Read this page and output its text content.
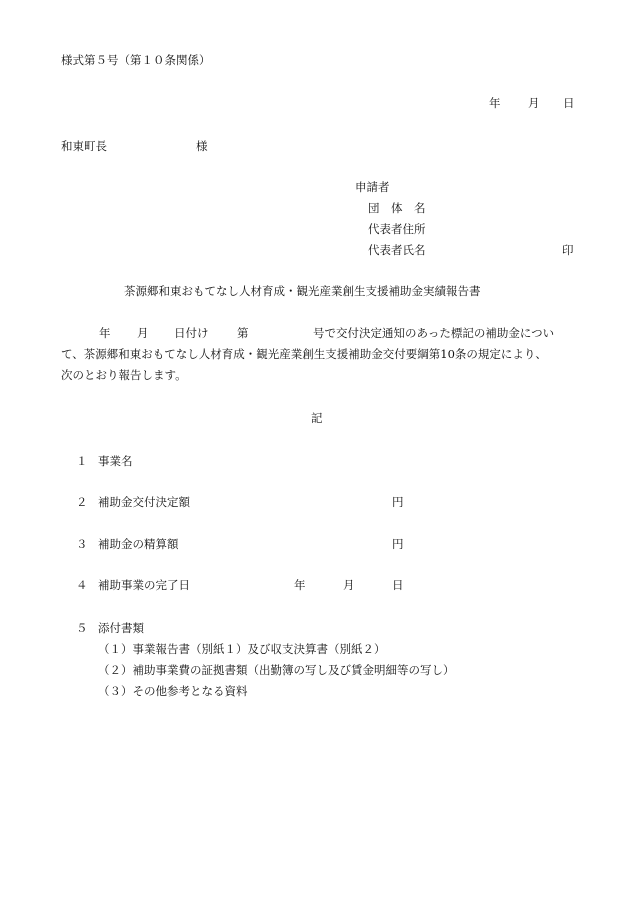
様式第５号（第１０条関係）
年 月 日
和東町長	様
申請者
団　体　名
代表者住所
代表者氏名	印
茶源郷和東おもてなし人材育成・観光産業創生支援補助金実績報告書
年 月 日付け 第	号で交付決定通知のあった標記の補助金につい
て、茶源郷和東おもてなし人材育成・観光産業創生支援補助金交付要綱第10条の規定により、
次のとおり報告します。
記
１ 事業名
２ 補助金交付決定額	円
３ 補助金の精算額	円
４ 補助事業の完了日	年	月	日
５ 添付書類
（１）事業報告書（別紙１）及び収支決算書（別紙２）
（２）補助事業費の証拠書類（出勤簿の写し及び賃金明細等の写し）
（３）その他参考となる資料
